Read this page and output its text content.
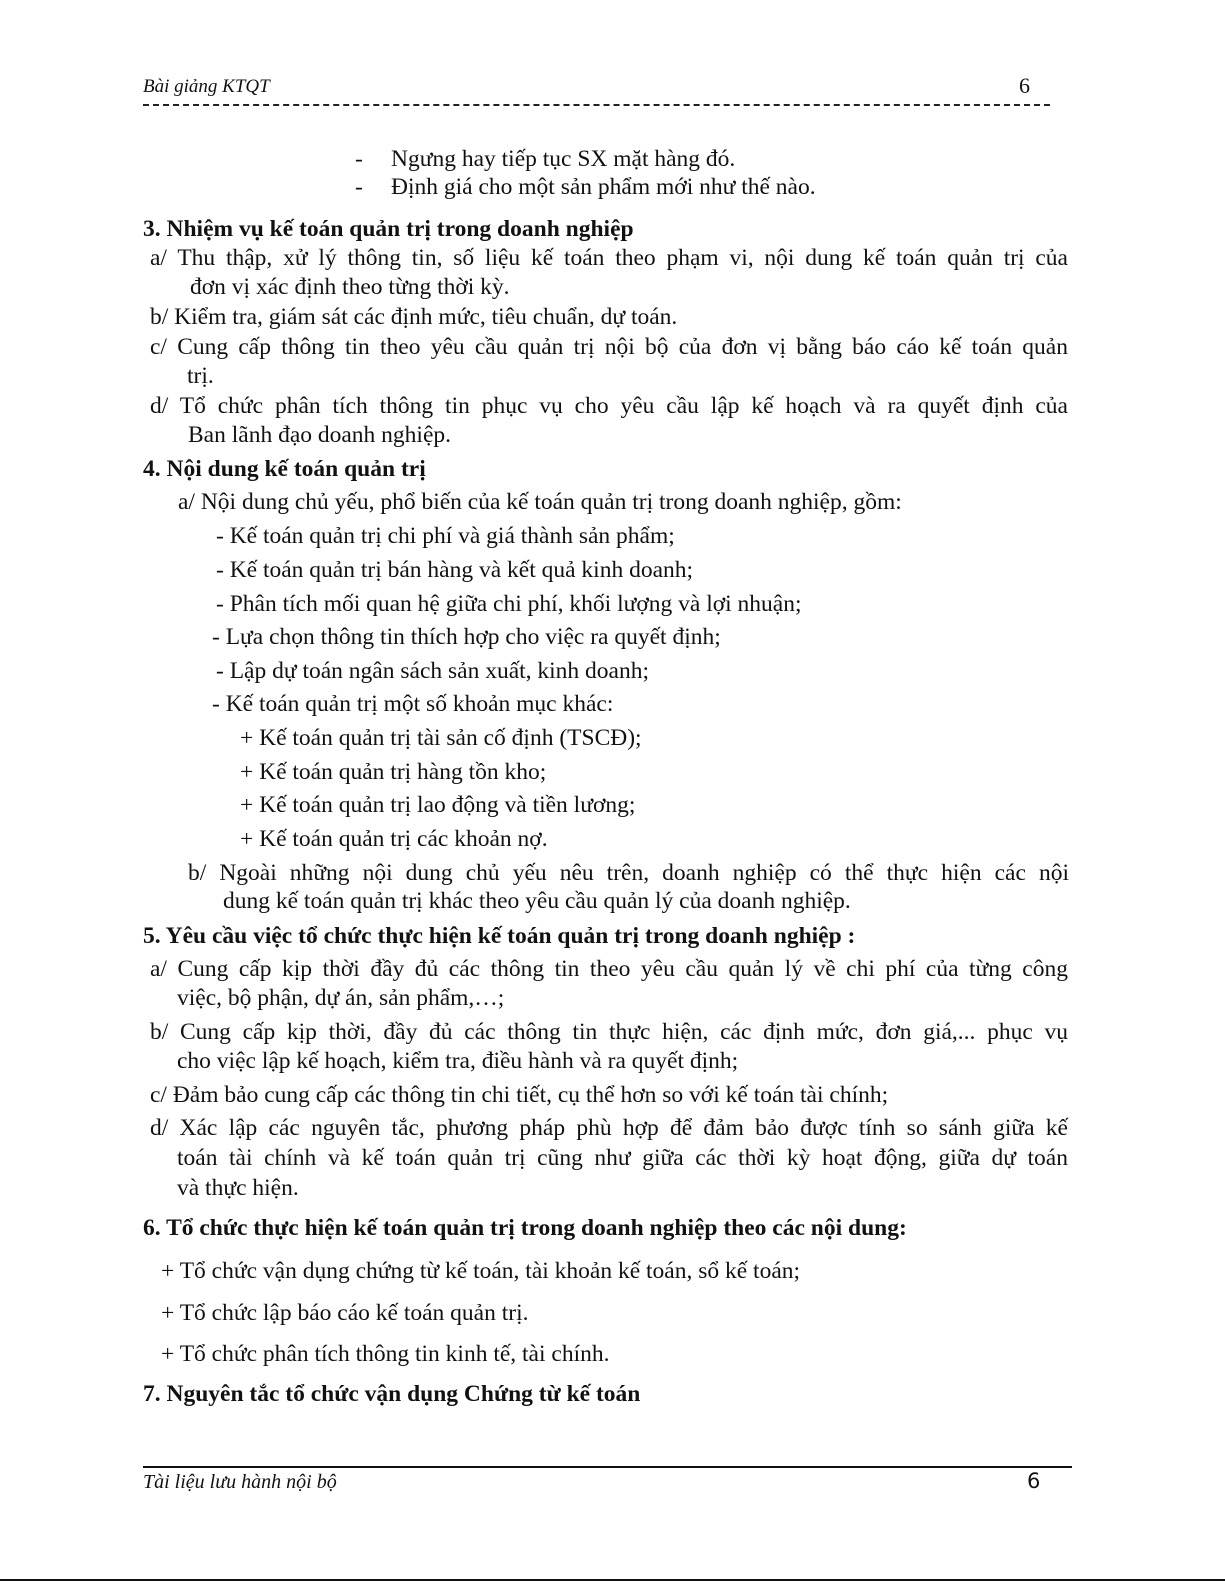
Bài giảng KTQT	6
- Ngưng hay tiếp tục SX mặt hàng đó.
- Định giá cho một sản phẩm mới như thế nào.
3. Nhiệm vụ kế toán quản trị trong doanh nghiệp
a/ Thu thập, xử lý thông tin, số liệu kế toán theo phạm vi, nội dung kế toán quản trị của
đơn vị xác định theo từng thời kỳ.
b/ Kiểm tra, giám sát các định mức, tiêu chuẩn, dự toán.
c/ Cung cấp thông tin theo yêu cầu quản trị nội bộ của đơn vị bằng báo cáo kế toán quản
trị.
d/ Tổ chức phân tích thông tin phục vụ cho yêu cầu lập kế hoạch và ra quyết định của
Ban lãnh đạo doanh nghiệp.
4. Nội dung kế toán quản trị
a/ Nội dung chủ yếu, phổ biến của kế toán quản trị trong doanh nghiệp, gồm:
- Kế toán quản trị chi phí và giá thành sản phẩm;
- Kế toán quản trị bán hàng và kết quả kinh doanh;
- Phân tích mối quan hệ giữa chi phí, khối lượng và lợi nhuận;
- Lựa chọn thông tin thích hợp cho việc ra quyết định;
- Lập dự toán ngân sách sản xuất, kinh doanh;
- Kế toán quản trị một số khoản mục khác:
+ Kế toán quản trị tài sản cố định (TSCĐ);
+ Kế toán quản trị hàng tồn kho;
+ Kế toán quản trị lao động và tiền lương;
+ Kế toán quản trị các khoản nợ.
b/ Ngoài những nội dung chủ yếu nêu trên, doanh nghiệp có thể thực hiện các nội
dung kế toán quản trị khác theo yêu cầu quản lý của doanh nghiệp.
5. Yêu cầu việc tổ chức thực hiện kế toán quản trị trong doanh nghiệp :
a/ Cung cấp kịp thời đầy đủ các thông tin theo yêu cầu quản lý về chi phí của từng công
việc, bộ phận, dự án, sản phẩm,…;
b/ Cung cấp kịp thời, đầy đủ các thông tin thực hiện, các định mức, đơn giá,... phục vụ
cho việc lập kế hoạch, kiểm tra, điều hành và ra quyết định;
c/ Đảm bảo cung cấp các thông tin chi tiết, cụ thể hơn so với kế toán tài chính;
d/ Xác lập các nguyên tắc, phương pháp phù hợp để đảm bảo được tính so sánh giữa kế
toán tài chính và kế toán quản trị cũng như giữa các thời kỳ hoạt động, giữa dự toán
và thực hiện.
6. Tổ chức thực hiện kế toán quản trị trong doanh nghiệp theo các nội dung:
+ Tổ chức vận dụng chứng từ kế toán, tài khoản kế toán, sổ kế toán;
+ Tổ chức lập báo cáo kế toán quản trị.
+ Tổ chức phân tích thông tin kinh tế, tài chính.
7. Nguyên tắc tổ chức vận dụng Chứng từ kế toán
Tài liệu lưu hành nội bộ	6
